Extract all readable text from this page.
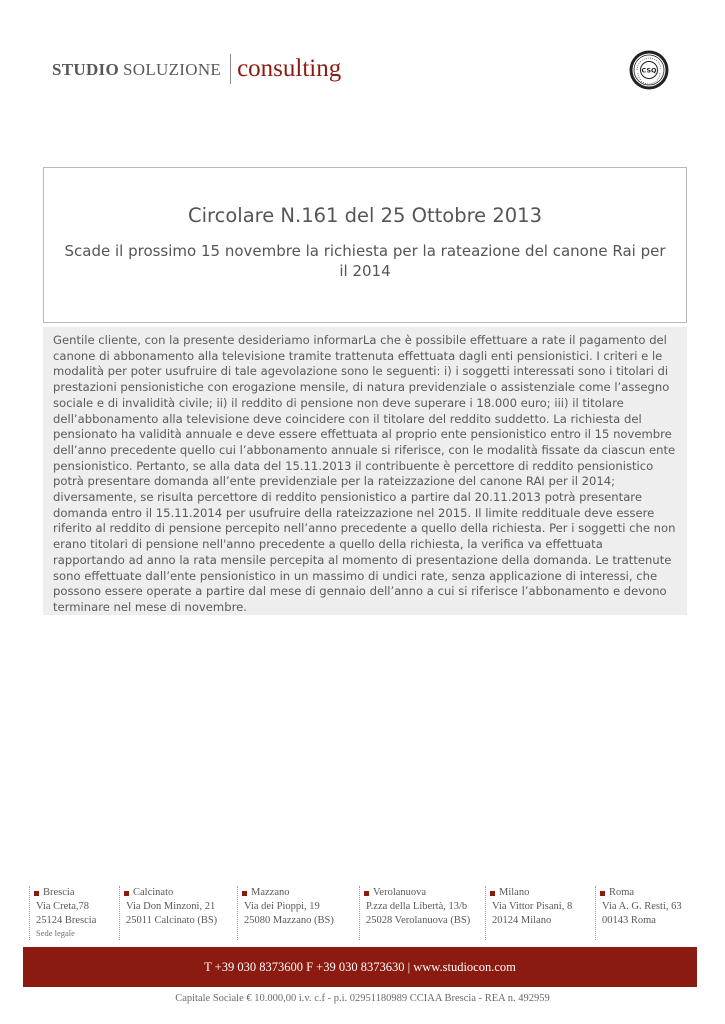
STUDIO SOLUZIONE consulting	CSQ
Circolare N.161 del 25 Ottobre 2013
Scade il prossimo 15 novembre la richiesta per la rateazione del canone Rai per il 2014
Gentile cliente, con la presente desideriamo informarLa che è possibile effettuare a rate il pagamento del canone di abbonamento alla televisione tramite trattenuta effettuata dagli enti pensionistici. I criteri e le modalità per poter usufruire di tale agevolazione sono le seguenti: i) i soggetti interessati sono i titolari di prestazioni pensionistiche con erogazione mensile, di natura previdenziale o assistenziale come l’assegno sociale e di invalidità civile; ii) il reddito di pensione non deve superare i 18.000 euro; iii) il titolare dell’abbonamento alla televisione deve coincidere con il titolare del reddito suddetto. La richiesta del pensionato ha validità annuale e deve essere effettuata al proprio ente pensionistico entro il 15 novembre dell’anno precedente quello cui l’abbonamento annuale si riferisce, con le modalità fissate da ciascun ente pensionistico. Pertanto, se alla data del 15.11.2013 il contribuente è percettore di reddito pensionistico potrà presentare domanda all’ente previdenziale per la rateizzazione del canone RAI per il 2014; diversamente, se risulta percettore di reddito pensionistico a partire dal 20.11.2013 potrà presentare domanda entro il 15.11.2014 per usufruire della rateizzazione nel 2015. Il limite reddituale deve essere riferito al reddito di pensione percepito nell’anno precedente a quello della richiesta. Per i soggetti che non erano titolari di pensione nell'anno precedente a quello della richiesta, la verifica va effettuata rapportando ad anno la rata mensile percepita al momento di presentazione della domanda. Le trattenute sono effettuate dall’ente pensionistico in un massimo di undici rate, senza applicazione di interessi, che possono essere operate a partire dal mese di gennaio dell’anno a cui si riferisce l’abbonamento e devono terminare nel mese di novembre.
Brescia
Via Creta,78
25124 Brescia
Sede legale
Calcinato
Via Don Minzoni, 21
25011 Calcinato (BS)
Mazzano
Via dei Pioppi, 19
25080 Mazzano (BS)
Verolanuova
P.zza della Libertà, 13/b
25028 Verolanuova (BS)
Milano
Via Vittor Pisani, 8
20124 Milano
Roma
Via A. G. Resti, 63
00143 Roma
T +39 030 8373600 F +39 030 8373630 | www.studiocon.com
Capitale Sociale € 10.000,00 i.v. c.f - p.i. 02951180989 CCIAA Brescia - REA n. 492959
